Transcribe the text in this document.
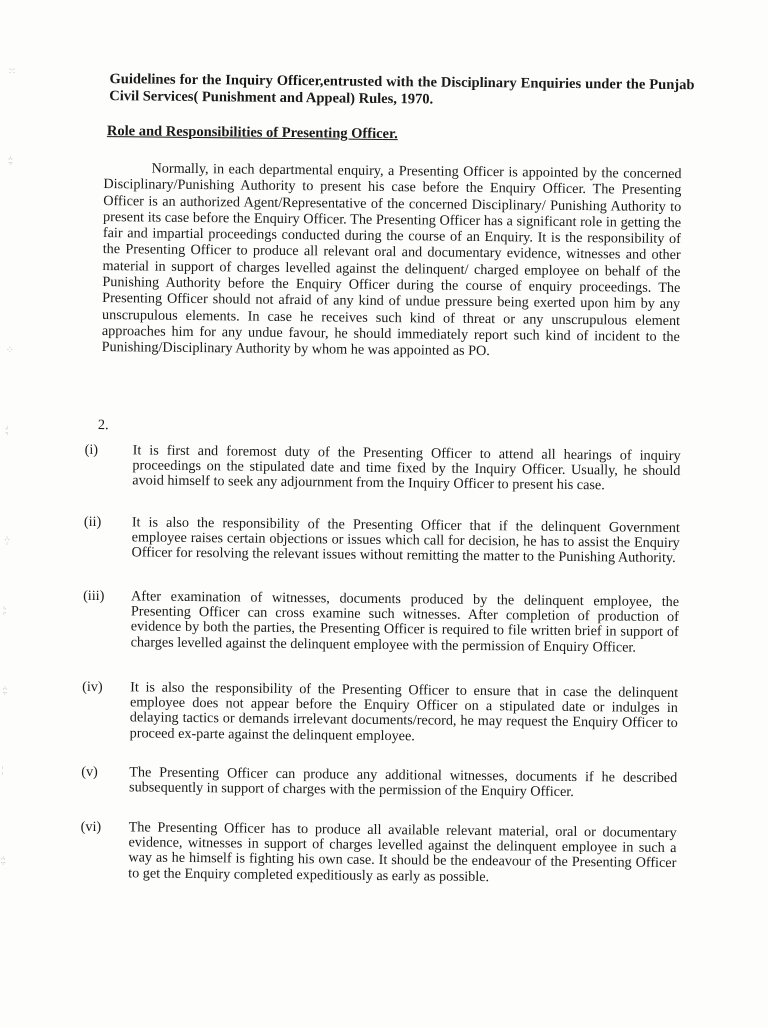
:·:
:¦:
⁘
:¦
·¦·
¦:
:¦:
¦
:¦:
Guidelines for the Inquiry Officer,entrusted with the Disciplinary Enquiries under the Punjab Civil Services( Punishment and Appeal) Rules, 1970.
Role and Responsibilities of Presenting Officer.

Normally, in each departmental enquiry, a Presenting Officer is appointed by the concerned Disciplinary/Punishing Authority to present his case before the Enquiry Officer. The Presenting Officer is an authorized Agent/Representative of the concerned Disciplinary/ Punishing Authority to present its case before the Enquiry Officer. The Presenting Officer has a significant role in getting the fair and impartial proceedings conducted during the course of an Enquiry. It is the responsibility of the Presenting Officer to produce all relevant oral and documentary evidence, witnesses and other material in support of charges levelled against the delinquent/ charged employee on behalf of the Punishing Authority before the Enquiry Officer during the course of enquiry proceedings. The Presenting Officer should not afraid of any kind of undue pressure being exerted upon him by any unscrupulous elements. In case he receives such kind of threat or any unscrupulous element approaches him for any undue favour, he should immediately report such kind of incident to the Punishing/Disciplinary Authority by whom he was appointed as PO.

2.
(i)	It is first and foremost duty of the Presenting Officer to attend all hearings of inquiry proceedings on the stipulated date and time fixed by the Inquiry Officer. Usually, he should avoid himself to seek any adjournment from the Inquiry Officer to present his case.
(ii)	It is also the responsibility of the Presenting Officer that if the delinquent Government employee raises certain objections or issues which call for decision, he has to assist the Enquiry Officer for resolving the relevant issues without remitting the matter to the Punishing Authority.
(iii)	After examination of witnesses, documents produced by the delinquent employee, the Presenting Officer can cross examine such witnesses. After completion of production of evidence by both the parties, the Presenting Officer is required to file written brief in support of charges levelled against the delinquent employee with the permission of Enquiry Officer.
(iv)	It is also the responsibility of the Presenting Officer to ensure that in case the delinquent employee does not appear before the Enquiry Officer on a stipulated date or indulges in delaying tactics or demands irrelevant documents/record, he may request the Enquiry Officer to proceed ex-parte against the delinquent employee.
(v)	The Presenting Officer can produce any additional witnesses, documents if he described subsequently in support of charges with the permission of the Enquiry Officer.
(vi)	The Presenting Officer has to produce all available relevant material, oral or documentary evidence, witnesses in support of charges levelled against the delinquent employee in such a way as he himself is fighting his own case. It should be the endeavour of the Presenting Officer to get the Enquiry completed expeditiously as early as possible.
